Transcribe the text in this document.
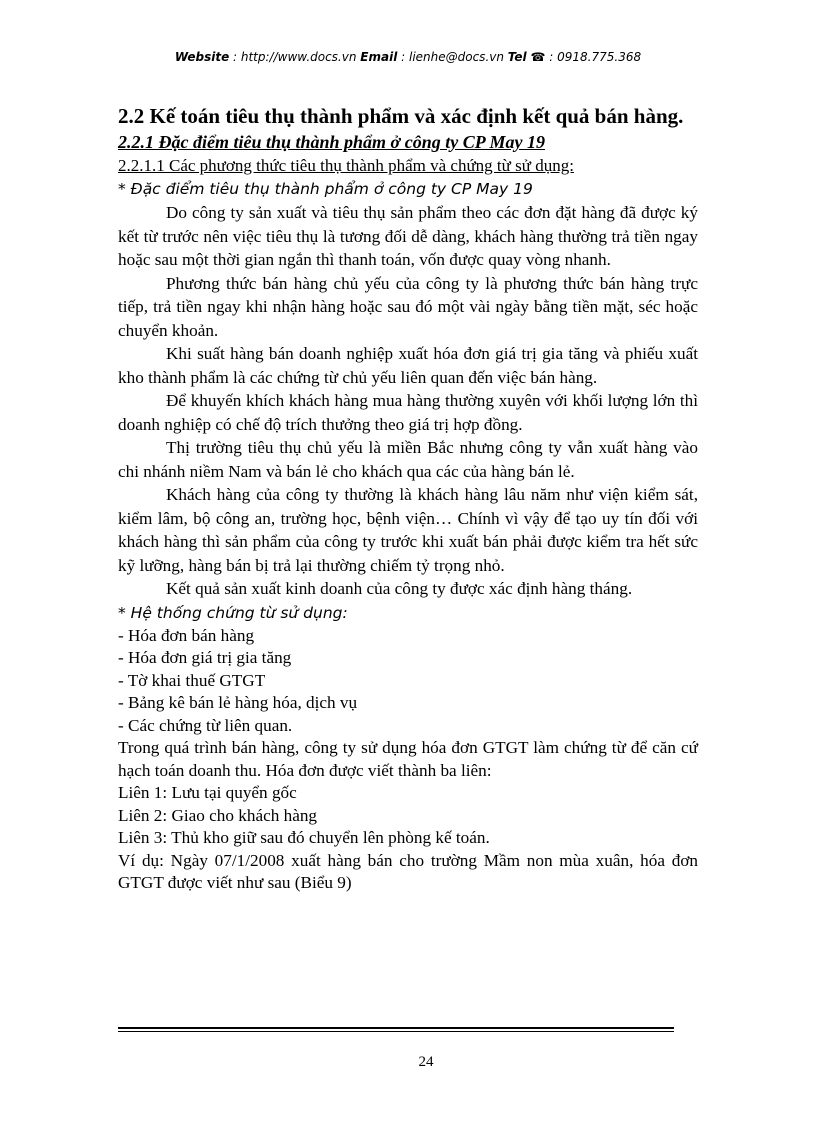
Website : http://www.docs.vn Email : lienhe@docs.vn Tel ☎ : 0918.775.368

2.2 Kế toán tiêu thụ thành phẩm và xác định kết quả bán hàng.

2.2.1 Đặc điểm tiêu thụ thành phẩm ở công ty CP May 19

2.2.1.1 Các phương thức tiêu thụ thành phẩm và chứng từ sử dụng:

* Đặc điểm tiêu thụ thành phẩm ở công ty CP May 19

Do công ty sản xuất và tiêu thụ sản phẩm theo các đơn đặt hàng đã được ký kết từ trước nên việc tiêu thụ là tương đối dễ dàng, khách hàng thường trả tiền ngay hoặc sau một thời gian ngắn thì thanh toán, vốn được quay vòng nhanh.

Phương thức bán hàng chủ yếu của công ty là phương thức bán hàng trực tiếp, trả tiền ngay khi nhận hàng hoặc sau đó một vài ngày bằng tiền mặt, séc hoặc chuyển khoản.

Khi suất hàng bán doanh nghiệp xuất hóa đơn giá trị gia tăng và phiếu xuất kho thành phẩm là các chứng từ chủ yếu liên quan đến việc bán hàng.

Để khuyến khích khách hàng mua hàng thường xuyên với khối lượng lớn thì doanh nghiệp có chế độ trích thưởng theo giá trị hợp đồng.

Thị trường tiêu thụ chủ yếu là miền Bắc nhưng công ty vẫn xuất hàng vào chi nhánh niềm Nam và bán lẻ cho khách qua các của hàng bán lẻ.

Khách hàng của công ty thường là khách hàng lâu năm như viện kiểm sát, kiểm lâm, bộ công an, trường học, bệnh viện… Chính vì vậy để tạo uy tín đối với khách hàng thì sản phẩm của công ty trước khi xuất bán phải được kiểm tra hết sức kỹ lưỡng, hàng bán bị trả lại thường chiếm tỷ trọng nhỏ.

Kết quả sản xuất kinh doanh của công ty được xác định hàng tháng.

* Hệ thống chứng từ sử dụng:

- Hóa đơn bán hàng

- Hóa đơn giá trị gia tăng

- Tờ khai thuế GTGT

- Bảng kê bán lẻ hàng hóa, dịch vụ

- Các chứng từ liên quan.

Trong quá trình bán hàng, công ty sử dụng hóa đơn GTGT làm chứng từ để căn cứ hạch toán doanh thu. Hóa đơn được viết thành ba liên:

Liên 1: Lưu tại quyển gốc

Liên 2: Giao cho khách hàng

Liên 3: Thủ kho giữ sau đó chuyển lên phòng kế toán.

Ví dụ: Ngày 07/1/2008 xuất hàng bán cho trường Mầm non mùa xuân, hóa đơn GTGT được viết như sau (Biểu 9)

24
